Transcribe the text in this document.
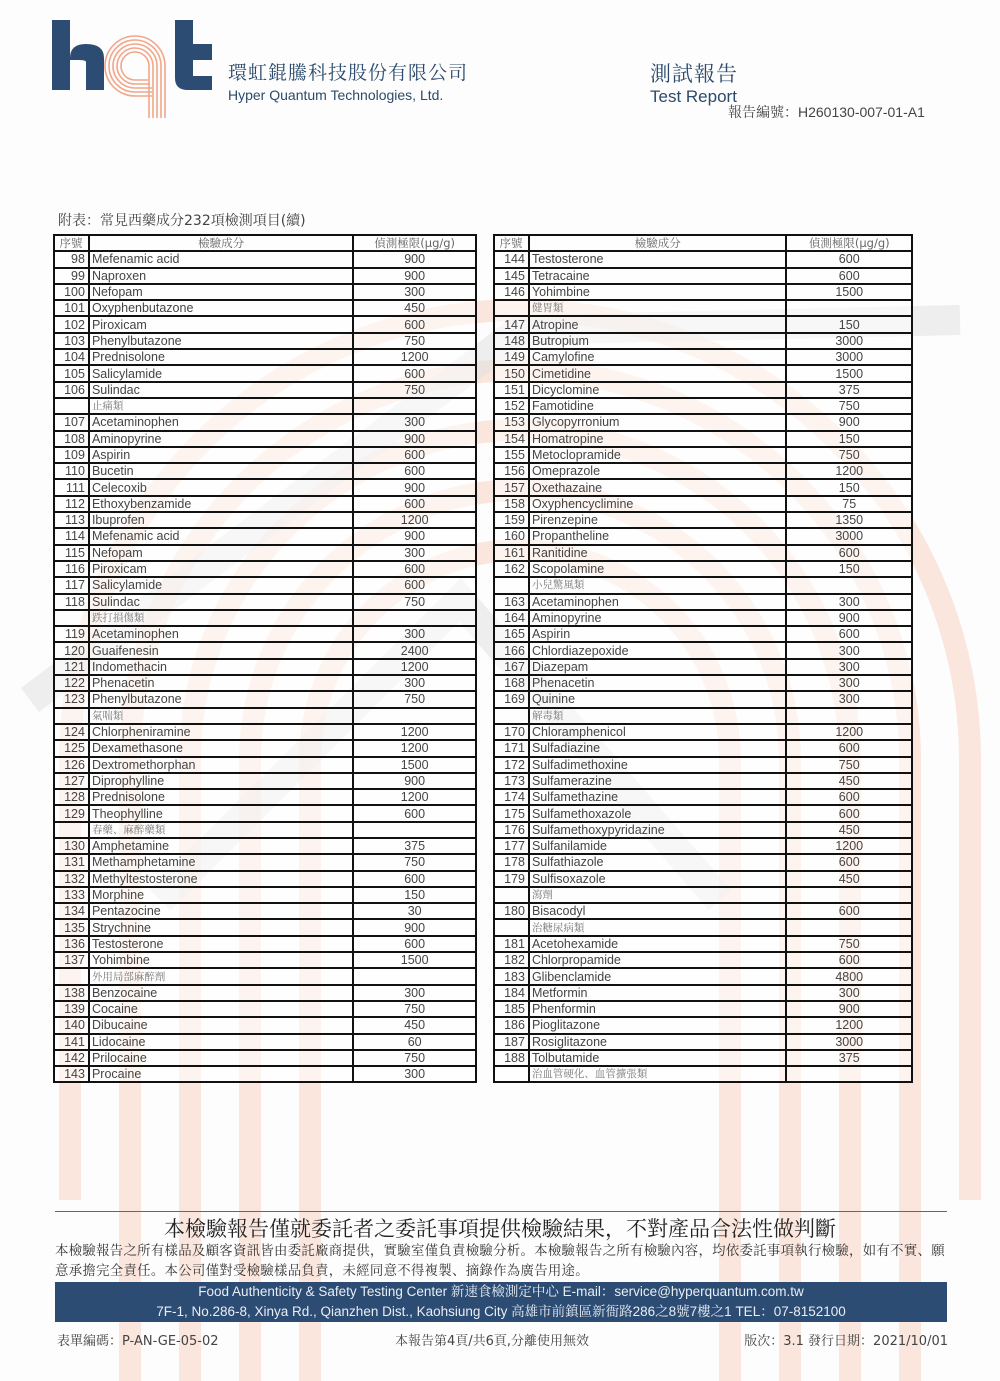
環虹錕騰科技股份有限公司
Hyper Quantum Technologies, Ltd.
測試報告
Test Report
報告編號：H260130-007-01-A1
附表：常見西藥成分232項檢測項目(續)
序號	檢驗成分	偵測極限(µg/g)
98	Mefenamic acid	900
99	Naproxen	900
100	Nefopam	300
101	Oxyphenbutazone	450
102	Piroxicam	600
103	Phenylbutazone	750
104	Prednisolone	1200
105	Salicylamide	600
106	Sulindac	750
	止痛類	
107	Acetaminophen	300
108	Aminopyrine	900
109	Aspirin	600
110	Bucetin	600
111	Celecoxib	900
112	Ethoxybenzamide	600
113	Ibuprofen	1200
114	Mefenamic acid	900
115	Nefopam	300
116	Piroxicam	600
117	Salicylamide	600
118	Sulindac	750
	跌打損傷類	
119	Acetaminophen	300
120	Guaifenesin	2400
121	Indomethacin	1200
122	Phenacetin	300
123	Phenylbutazone	750
	氣喘類	
124	Chlorpheniramine	1200
125	Dexamethasone	1200
126	Dextromethorphan	1500
127	Diprophylline	900
128	Prednisolone	1200
129	Theophylline	600
	春藥、麻醉藥類	
130	Amphetamine	375
131	Methamphetamine	750
132	Methyltestosterone	600
133	Morphine	150
134	Pentazocine	30
135	Strychnine	900
136	Testosterone	600
137	Yohimbine	1500
	外用局部麻醉劑	
138	Benzocaine	300
139	Cocaine	750
140	Dibucaine	450
141	Lidocaine	60
142	Prilocaine	750
143	Procaine	300
序號	檢驗成分	偵測極限(µg/g)
144	Testosterone	600
145	Tetracaine	600
146	Yohimbine	1500
	健胃類	
147	Atropine	150
148	Butropium	3000
149	Camylofine	3000
150	Cimetidine	1500
151	Dicyclomine	375
152	Famotidine	750
153	Glycopyrronium	900
154	Homatropine	150
155	Metoclopramide	750
156	Omeprazole	1200
157	Oxethazaine	150
158	Oxyphencyclimine	75
159	Pirenzepine	1350
160	Propantheline	3000
161	Ranitidine	600
162	Scopolamine	150
	小兒驚風類	
163	Acetaminophen	300
164	Aminopyrine	900
165	Aspirin	600
166	Chlordiazepoxide	300
167	Diazepam	300
168	Phenacetin	300
169	Quinine	300
	解毒類	
170	Chloramphenicol	1200
171	Sulfadiazine	600
172	Sulfadimethoxine	750
173	Sulfamerazine	450
174	Sulfamethazine	600
175	Sulfamethoxazole	600
176	Sulfamethoxypyridazine	450
177	Sulfanilamide	1200
178	Sulfathiazole	600
179	Sulfisoxazole	450
	瀉劑	
180	Bisacodyl	600
	治糖尿病類	
181	Acetohexamide	750
182	Chlorpropamide	600
183	Glibenclamide	4800
184	Metformin	300
185	Phenformin	900
186	Pioglitazone	1200
187	Rosiglitazone	3000
188	Tolbutamide	375
	治血管硬化、血管擴張類	
本檢驗報告僅就委託者之委託事項提供檢驗結果，不對產品合法性做判斷
本檢驗報告之所有樣品及顧客資訊皆由委託廠商提供，實驗室僅負責檢驗分析。本檢驗報告之所有檢驗內容，均依委託事項執行檢驗，如有不實、願意承擔完全責任。本公司僅對受檢驗樣品負責，未經同意不得複製、摘錄作為廣告用途。
Food Authenticity & Safety Testing Center 新速食檢測定中心 E-mail：service@hyperquantum.com.tw
7F-1, No.286-8, Xinya Rd., Qianzhen Dist., Kaohsiung City 高雄市前鎮區新衙路286之8號7樓之1 TEL：07-8152100
表單編碼：P-AN-GE-05-02	本報告第4頁/共6頁,分離使用無效	版次：3.1 發行日期：2021/10/01
